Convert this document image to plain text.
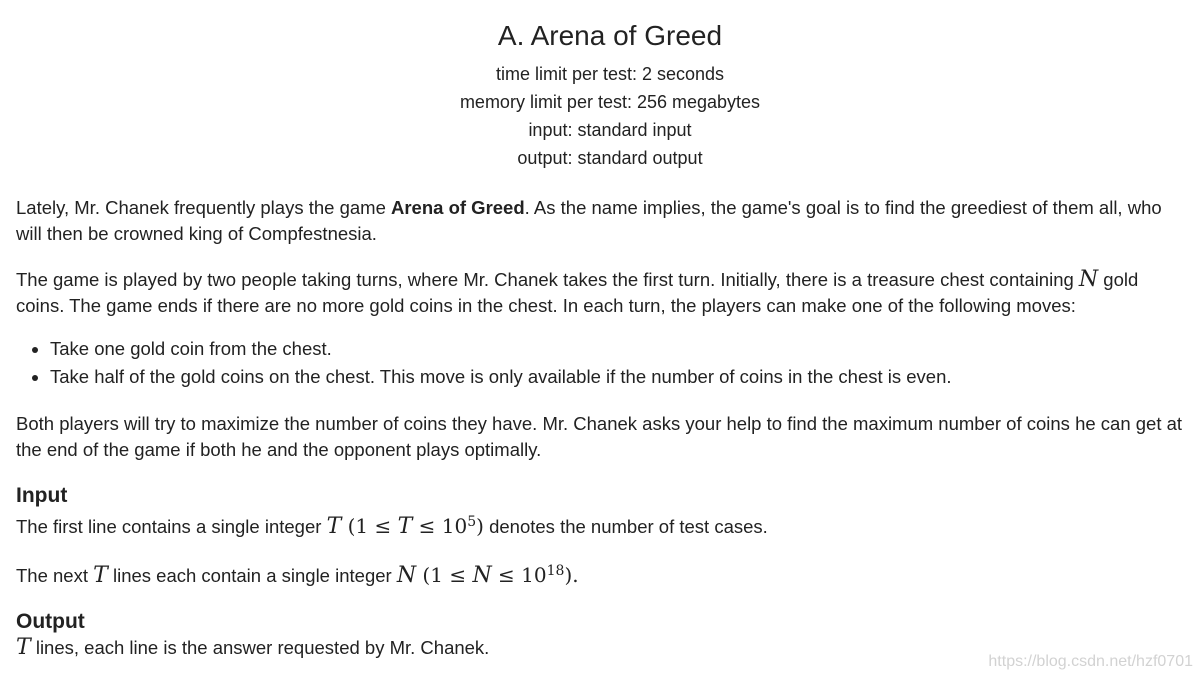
A. Arena of Greed
time limit per test: 2 seconds
memory limit per test: 256 megabytes
input: standard input
output: standard output

Lately, Mr. Chanek frequently plays the game Arena of Greed. As the name implies, the game's goal is to find the greediest of them all, who will then be crowned king of Compfestnesia.

The game is played by two people taking turns, where Mr. Chanek takes the first turn. Initially, there is a treasure chest containing N gold coins. The game ends if there are no more gold coins in the chest. In each turn, the players can make one of the following moves:

• Take one gold coin from the chest.
• Take half of the gold coins on the chest. This move is only available if the number of coins in the chest is even.

Both players will try to maximize the number of coins they have. Mr. Chanek asks your help to find the maximum number of coins he can get at the end of the game if both he and the opponent plays optimally.

Input

The first line contains a single integer T $(1 \le T \le 10^5)$ denotes the number of test cases.

The next T lines each contain a single integer N $(1 \le N \le 10^{18})$.

Output

T lines, each line is the answer requested by Mr. Chanek.

https://blog.csdn.net/hzf0701
